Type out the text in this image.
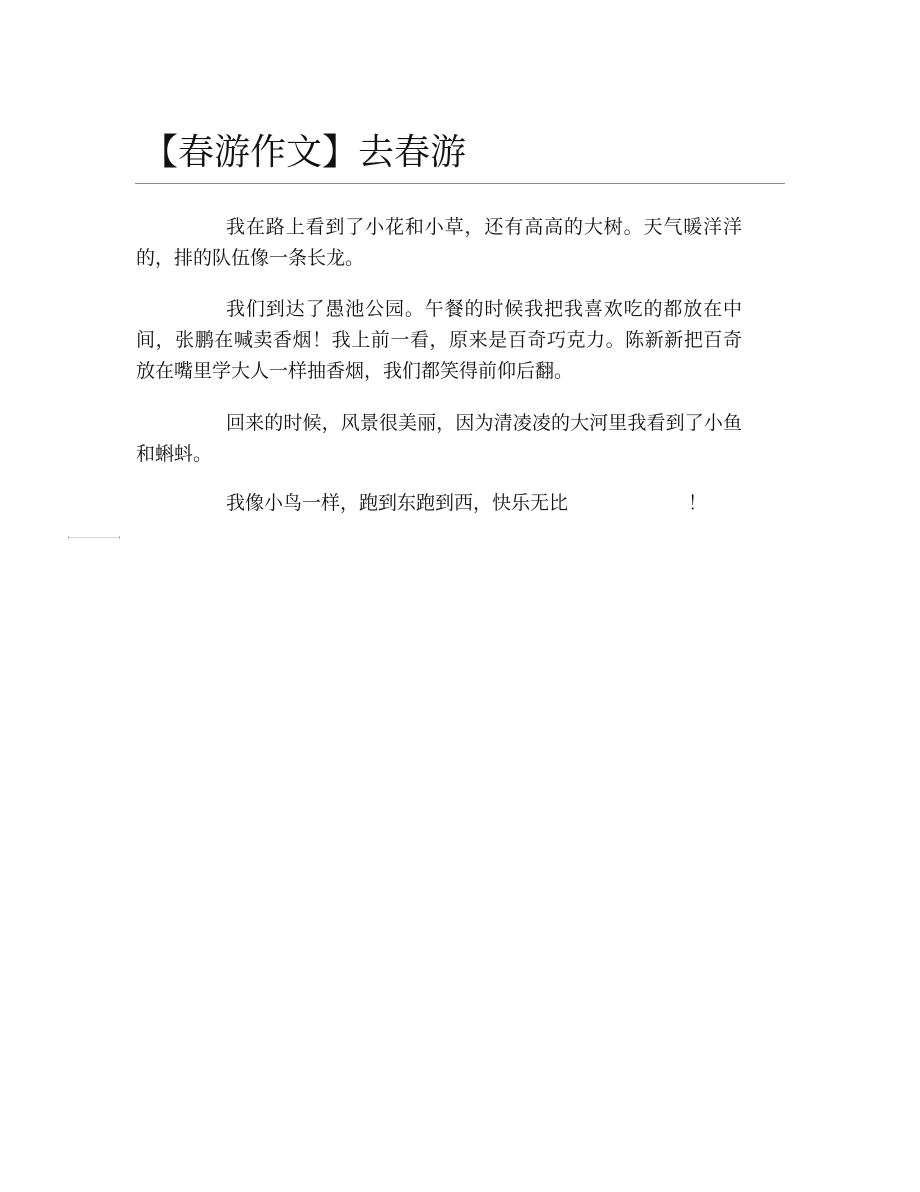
【春游作文】去春游

我在路上看到了小花和小草，还有高高的大树。天气暖洋洋的，排的队伍像一条长龙。

我们到达了愚池公园。午餐的时候我把我喜欢吃的都放在中间，张鹏在喊卖香烟！我上前一看，原来是百奇巧克力。陈新新把百奇放在嘴里学大人一样抽香烟，我们都笑得前仰后翻。

回来的时候，风景很美丽，因为清凌凌的大河里我看到了小鱼和蝌蚪。

我像小鸟一样，跑到东跑到西，快乐无比	！
